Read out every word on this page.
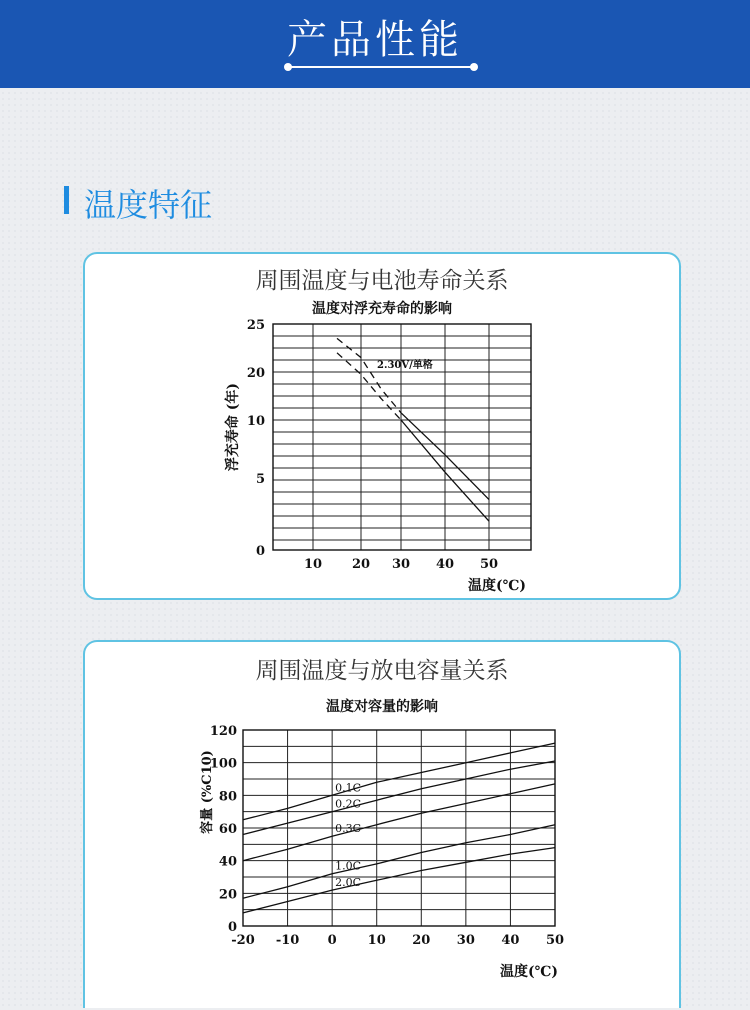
产品性能
温度特征
周围温度与电池寿命关系
温度对浮充寿命的影响
25
20
10
5
0
10 20 30 40 50
浮充寿命 (年)
温度(℃)
2.30V/单格
周围温度与放电容量关系
温度对容量的影响
0
20
40
60
80
100
120
-20 -10 0 10 20 30 40 50
容量 (%C10)
温度(℃)
0.1C
0.2C
0.3C
1.0C
2.0C
